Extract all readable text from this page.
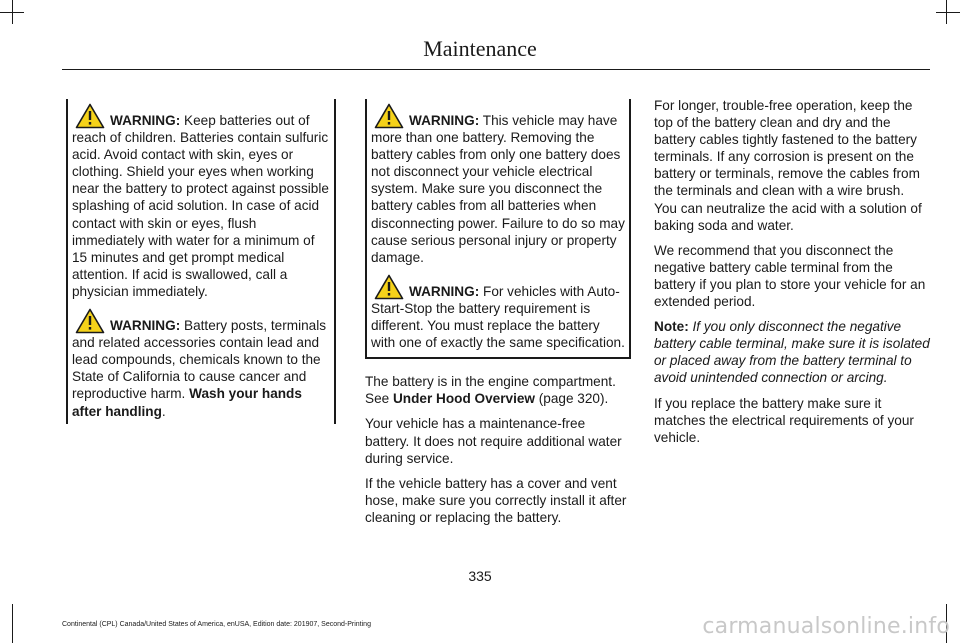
Maintenance

WARNING: Keep batteries out of reach of children. Batteries contain sulfuric acid. Avoid contact with skin, eyes or clothing. Shield your eyes when working near the battery to protect against possible splashing of acid solution. In case of acid contact with skin or eyes, flush immediately with water for a minimum of 15 minutes and get prompt medical attention. If acid is swallowed, call a physician immediately.

WARNING: Battery posts, terminals and related accessories contain lead and lead compounds, chemicals known to the State of California to cause cancer and reproductive harm. Wash your hands after handling.

WARNING: This vehicle may have more than one battery. Removing the battery cables from only one battery does not disconnect your vehicle electrical system. Make sure you disconnect the battery cables from all batteries when disconnecting power. Failure to do so may cause serious personal injury or property damage.

WARNING: For vehicles with Auto-Start-Stop the battery requirement is different. You must replace the battery with one of exactly the same specification.

The battery is in the engine compartment. See Under Hood Overview (page 320).

Your vehicle has a maintenance-free battery. It does not require additional water during service.

If the vehicle battery has a cover and vent hose, make sure you correctly install it after cleaning or replacing the battery.

For longer, trouble-free operation, keep the top of the battery clean and dry and the battery cables tightly fastened to the battery terminals. If any corrosion is present on the battery or terminals, remove the cables from the terminals and clean with a wire brush. You can neutralize the acid with a solution of baking soda and water.

We recommend that you disconnect the negative battery cable terminal from the battery if you plan to store your vehicle for an extended period.

Note: If you only disconnect the negative battery cable terminal, make sure it is isolated or placed away from the battery terminal to avoid unintended connection or arcing.

If you replace the battery make sure it matches the electrical requirements of your vehicle.

335
Continental (CPL) Canada/United States of America, enUSA, Edition date: 201907, Second-Printing	carmanualsonline.info
